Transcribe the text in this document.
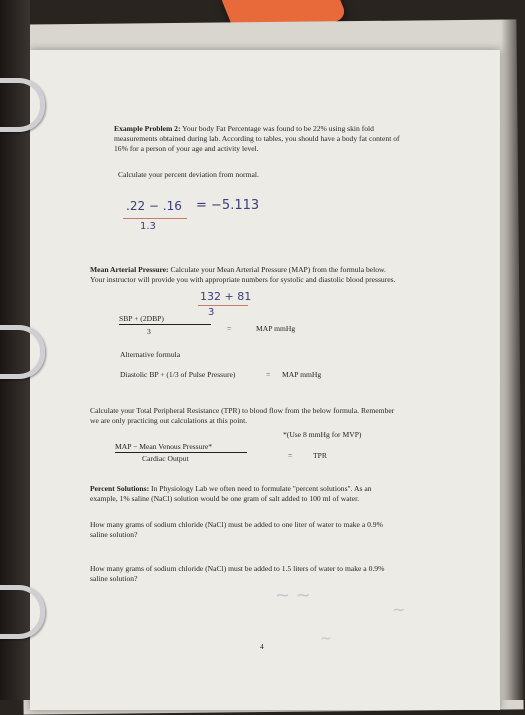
Example Problem 2: Your body Fat Percentage was found to be 22% using skin fold
measurements obtained during lab. According to tables, you should have a body fat content of
16% for a person of your age and activity level.
Calculate your percent deviation from normal.
.22 − .16 = −5.113
1.3
Mean Arterial Pressure: Calculate your Mean Arterial Pressure (MAP) from the formula below.
Your instructor will provide you with appropriate numbers for systolic and diastolic blood pressures.
132 + 81
3
SBP + (2DBP)
3	=	MAP mmHg
Alternative formula
Diastolic BP + (1/3 of Pulse Pressure)	= MAP mmHg
Calculate your Total Peripheral Resistance (TPR) to blood flow from the below formula. Remember
we are only practicing out calculations at this point.
*(Use 8 mmHg for MVP)
MAP − Mean Venous Pressure*
Cardiac Output	=	TPR
Percent Solutions: In Physiology Lab we often need to formulate "percent solutions". As an
example, 1% saline (NaCl) solution would be one gram of salt added to 100 ml of water.
How many grams of sodium chloride (NaCl) must be added to one liter of water to make a 0.9%
saline solution?
How many grams of sodium chloride (NaCl) must be added to 1.5 liters of water to make a 0.9%
saline solution?
~ ~
~
~
4
